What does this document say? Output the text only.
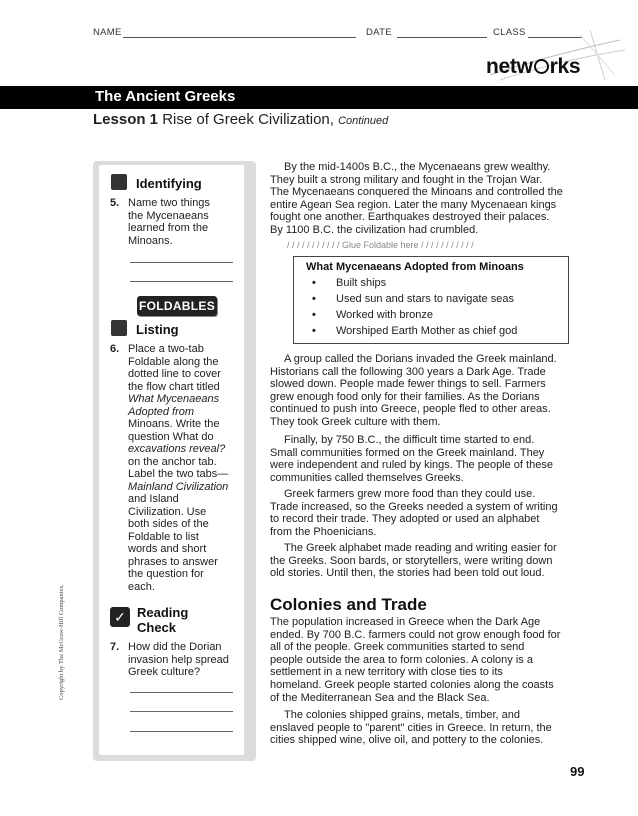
NAME	DATE	CLASS
netw rks
The Ancient Greeks
Lesson 1 Rise of Greek Civilization, Continued
Copyright by The McGraw-Hill Companies.
Identifying
5. Name two things
the Mycenaeans
learned from the
Minoans.
FOLDABLES
Listing
6. Place a two-tab
Foldable along the
dotted line to cover
the flow chart titled
What Mycenaeans
Adopted from
Minoans. Write the
question What do
excavations reveal?
on the anchor tab.
Label the two tabs—
Mainland Civilization
and Island
Civilization. Use
both sides of the
Foldable to list
words and short
phrases to answer
the question for
each.
✓ Reading
Check
7. How did the Dorian
invasion help spread
Greek culture?
By the mid-1400s B.C., the Mycenaeans grew wealthy.
They built a strong military and fought in the Trojan War.
The Mycenaeans conquered the Minoans and controlled the
entire Agean Sea region. Later the many Mycenaean kings
fought one another. Earthquakes destroyed their palaces.
By 1100 B.C. the civilization had crumbled.
/ / / / / / / / / / / Glue Foldable here / / / / / / / / / / /
What Mycenaeans Adopted from Minoans
• Built ships
• Used sun and stars to navigate seas
• Worked with bronze
• Worshiped Earth Mother as chief god
A group called the Dorians invaded the Greek mainland.
Historians call the following 300 years a Dark Age. Trade
slowed down. People made fewer things to sell. Farmers
grew enough food only for their families. As the Dorians
continued to push into Greece, people fled to other areas.
They took Greek culture with them.
Finally, by 750 B.C., the difficult time started to end.
Small communities formed on the Greek mainland. They
were independent and ruled by kings. The people of these
communities called themselves Greeks.
Greek farmers grew more food than they could use.
Trade increased, so the Greeks needed a system of writing
to record their trade. They adopted or used an alphabet
from the Phoenicians.
The Greek alphabet made reading and writing easier for
the Greeks. Soon bards, or storytellers, were writing down
old stories. Until then, the stories had been told out loud.
Colonies and Trade
The population increased in Greece when the Dark Age
ended. By 700 B.C. farmers could not grow enough food for
all of the people. Greek communities started to send
people outside the area to form colonies. A colony is a
settlement in a new territory with close ties to its
homeland. Greek people started colonies along the coasts
of the Mediterranean Sea and the Black Sea.
The colonies shipped grains, metals, timber, and
enslaved people to "parent" cities in Greece. In return, the
cities shipped wine, olive oil, and pottery to the colonies.
99
